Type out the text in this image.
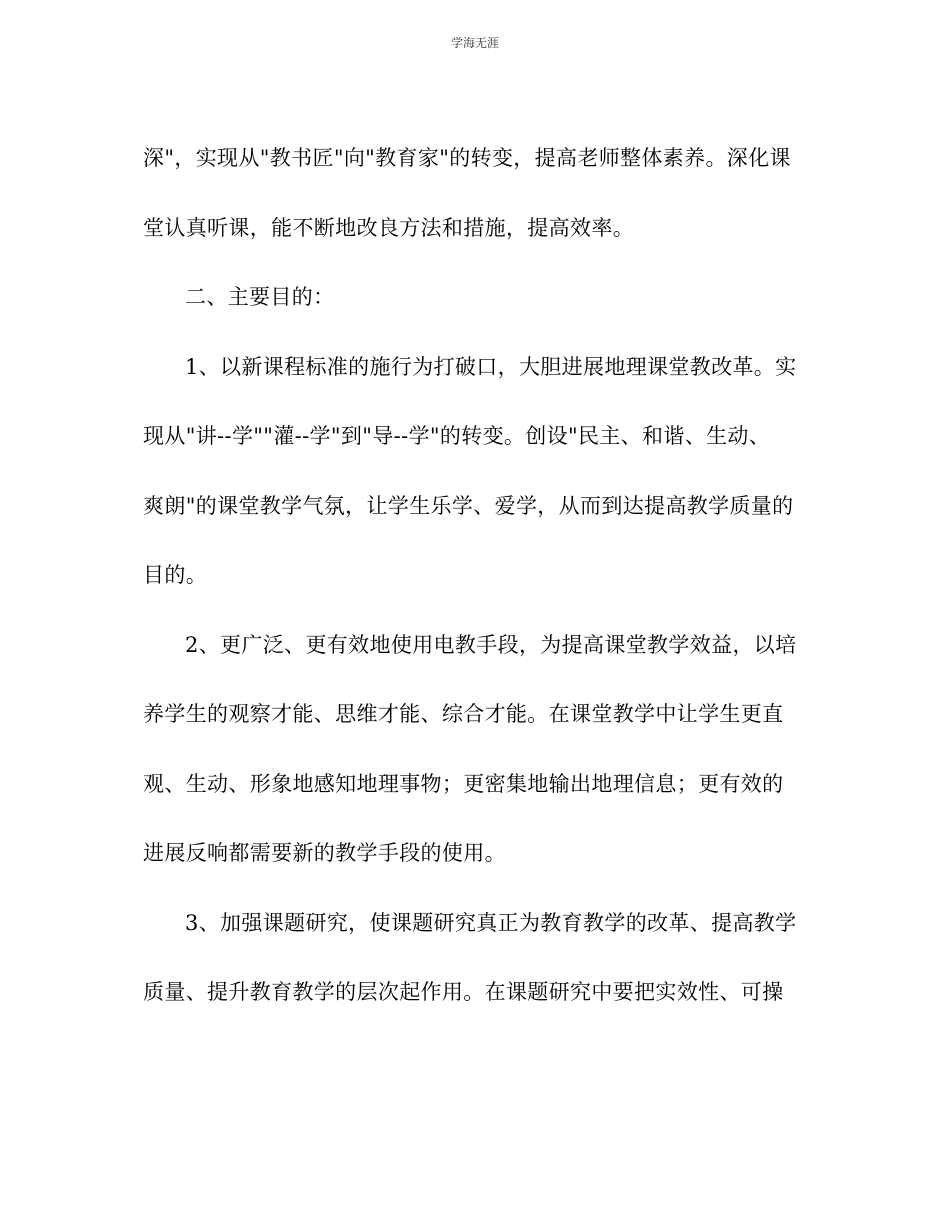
学海无涯
深"，实现从"教书匠"向"教育家"的转变，提高老师整体素养。深化课
堂认真听课，能不断地改良方法和措施，提高效率。
二、主要目的：
1、以新课程标准的施行为打破口，大胆进展地理课堂教改革。实
现从"讲--学""灌--学"到"导--学"的转变。创设"民主、和谐、生动、
爽朗"的课堂教学气氛，让学生乐学、爱学，从而到达提高教学质量的
目的。
2、更广泛、更有效地使用电教手段，为提高课堂教学效益，以培
养学生的观察才能、思维才能、综合才能。在课堂教学中让学生更直
观、生动、形象地感知地理事物；更密集地输出地理信息；更有效的
进展反响都需要新的教学手段的使用。
3、加强课题研究，使课题研究真正为教育教学的改革、提高教学
质量、提升教育教学的层次起作用。在课题研究中要把实效性、可操
